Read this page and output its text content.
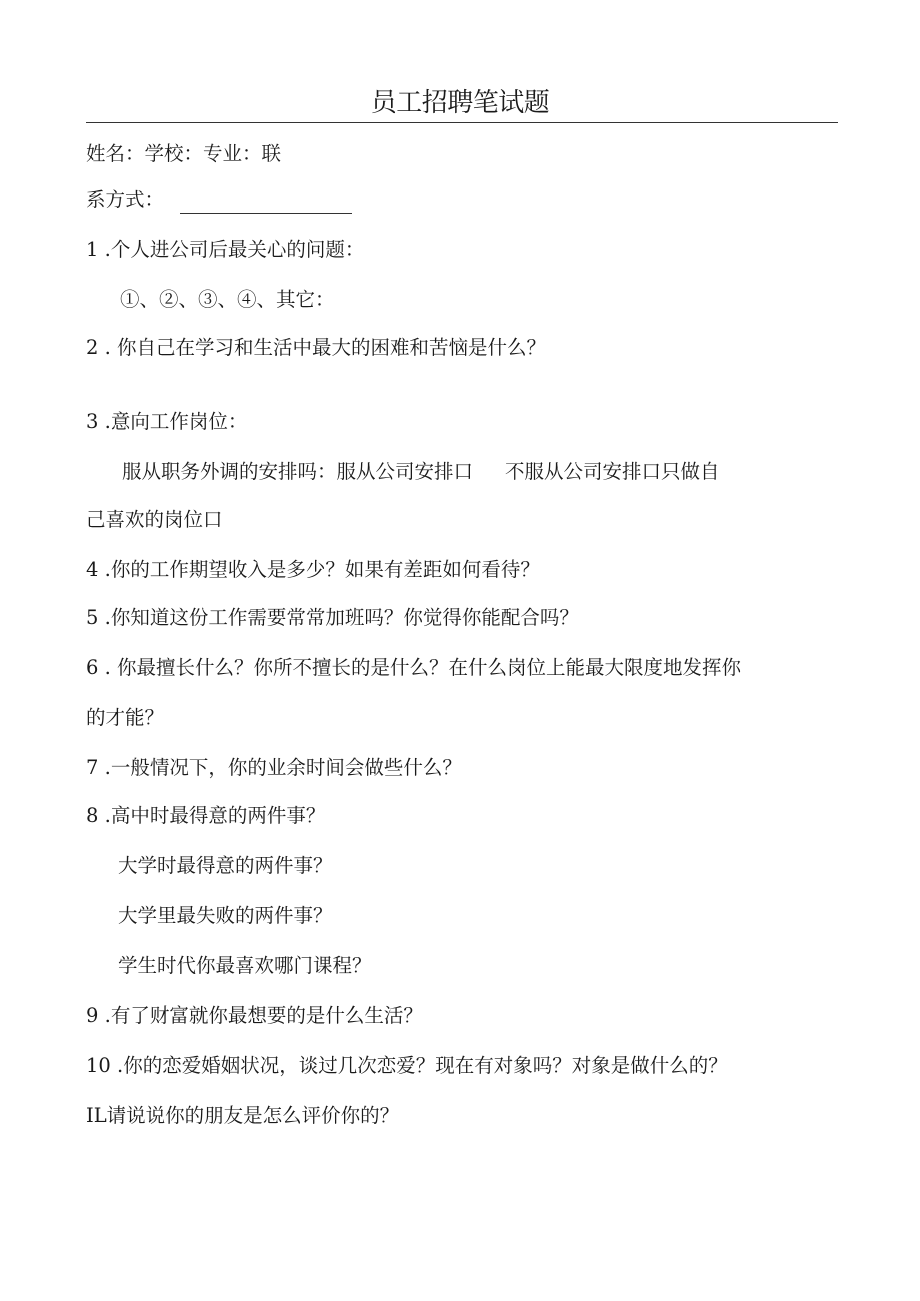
员工招聘笔试题
姓名：学校：专业：联
系方式：
1 .个人进公司后最关心的问题：
①、②、③、④、其它：
2 . 你自己在学习和生活中最大的困难和苦恼是什么？
3 .意向工作岗位：
服从职务外调的安排吗：服从公司安排口 不服从公司安排口只做自
己喜欢的岗位口
4 .你的工作期望收入是多少？如果有差距如何看待？
5 .你知道这份工作需要常常加班吗？你觉得你能配合吗？
6 . 你最擅长什么？你所不擅长的是什么？在什么岗位上能最大限度地发挥你
的才能？
7 .一般情况下，你的业余时间会做些什么？
8 .高中时最得意的两件事？
大学时最得意的两件事？
大学里最失败的两件事？
学生时代你最喜欢哪门课程？
9 .有了财富就你最想要的是什么生活？
10 .你的恋爱婚姻状况，谈过几次恋爱？现在有对象吗？对象是做什么的？
IL请说说你的朋友是怎么评价你的？
